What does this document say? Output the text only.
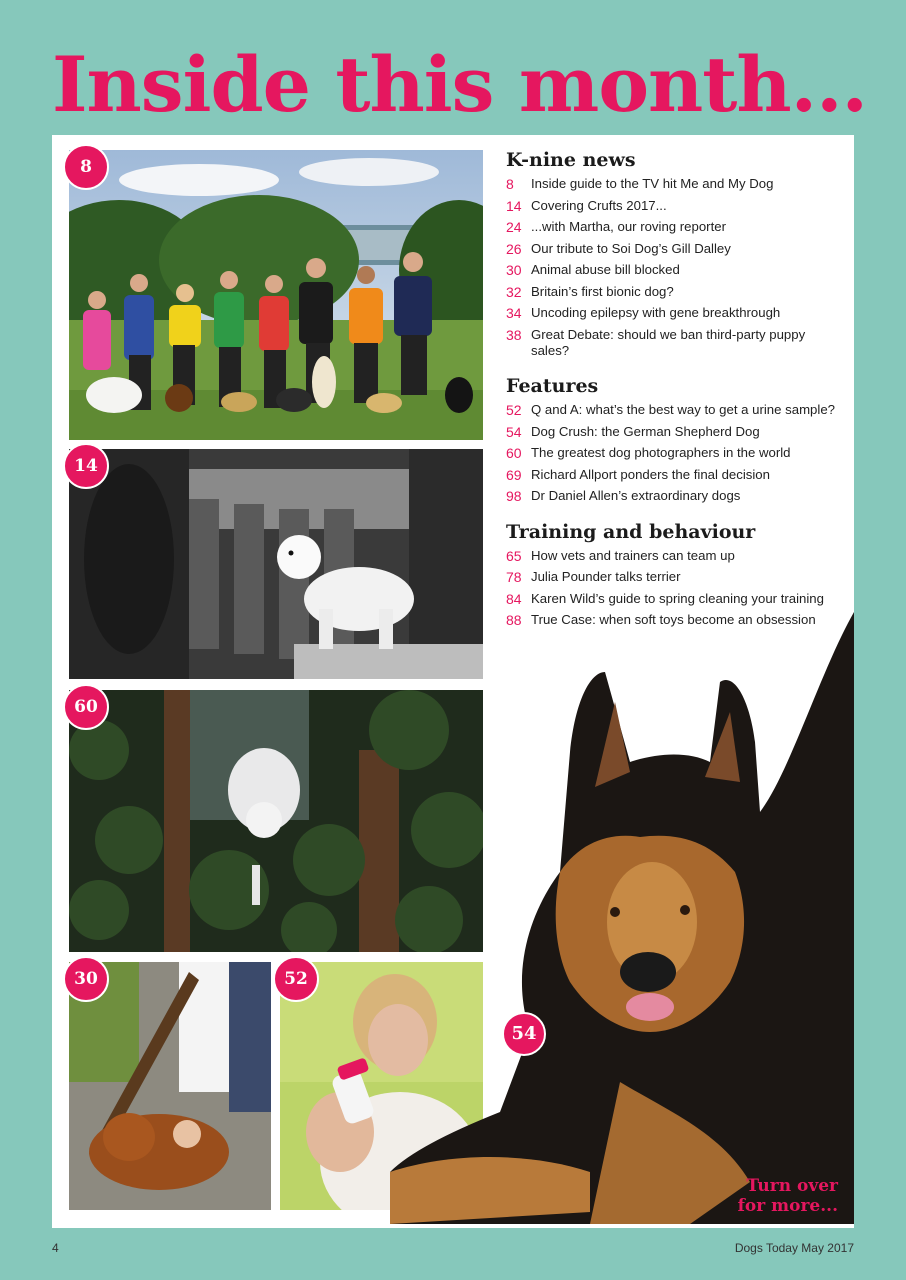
Inside this month...
8
14
60
30	52
54
K-nine news
8	Inside guide to the TV hit Me and My Dog
14 Covering Crufts 2017...
24 ...with Martha, our roving reporter
26 Our tribute to Soi Dog’s Gill Dalley
30 Animal abuse bill blocked
32 Britain’s first bionic dog?
34 Uncoding epilepsy with gene breakthrough
38 Great Debate: should we ban third-party puppy sales?
Features
52 Q and A: what’s the best way to get a urine sample?
54 Dog Crush: the German Shepherd Dog
60 The greatest dog photographers in the world
69 Richard Allport ponders the final decision
98 Dr Daniel Allen’s extraordinary dogs
Training and behaviour
65 How vets and trainers can team up
78 Julia Pounder talks terrier
84 Karen Wild’s guide to spring cleaning your training
88 True Case: when soft toys become an obsession
Turn over
for more...
4	Dogs Today May 2017
